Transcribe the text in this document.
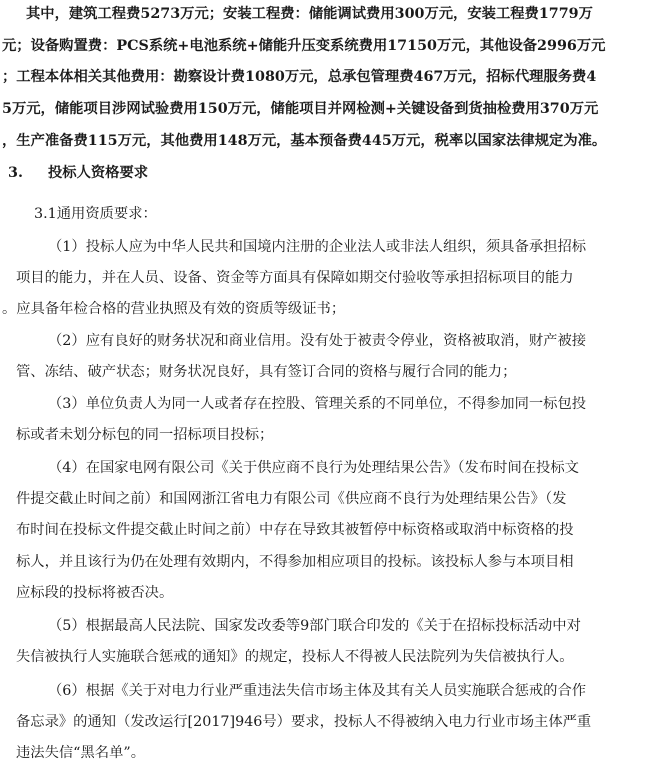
其中，建筑工程费5273万元；安装工程费：储能调试费用300万元，安装工程费1779万
元；设备购置费：PCS系统+电池系统+储能升压变系统费用17150万元，其他设备2996万元
；工程本体相关其他费用：勘察设计费1080万元，总承包管理费467万元，招标代理服务费4
5万元，储能项目涉网试验费用150万元，储能项目并网检测+关键设备到货抽检费用370万元
，生产准备费115万元，其他费用148万元，基本预备费445万元，税率以国家法律规定为准。
3.	投标人资格要求
3.1通用资质要求：
（1）投标人应为中华人民共和国境内注册的企业法人或非法人组织，须具备承担招标
项目的能力，并在人员、设备、资金等方面具有保障如期交付验收等承担招标项目的能力
。应具备年检合格的营业执照及有效的资质等级证书；
（2）应有良好的财务状况和商业信用。没有处于被责令停业，资格被取消，财产被接
管、冻结、破产状态；财务状况良好，具有签订合同的资格与履行合同的能力；
（3）单位负责人为同一人或者存在控股、管理关系的不同单位，不得参加同一标包投
标或者未划分标包的同一招标项目投标；
（4）在国家电网有限公司《关于供应商不良行为处理结果公告》（发布时间在投标文
件提交截止时间之前）和国网浙江省电力有限公司《供应商不良行为处理结果公告》（发
布时间在投标文件提交截止时间之前）中存在导致其被暂停中标资格或取消中标资格的投
标人，并且该行为仍在处理有效期内，不得参加相应项目的投标。该投标人参与本项目相
应标段的投标将被否决。
（5）根据最高人民法院、国家发改委等9部门联合印发的《关于在招标投标活动中对
失信被执行人实施联合惩戒的通知》的规定，投标人不得被人民法院列为失信被执行人。
（6）根据《关于对电力行业严重违法失信市场主体及其有关人员实施联合惩戒的合作
备忘录》的通知（发改运行[2017]946号）要求，投标人不得被纳入电力行业市场主体严重
违法失信“黑名单”。
